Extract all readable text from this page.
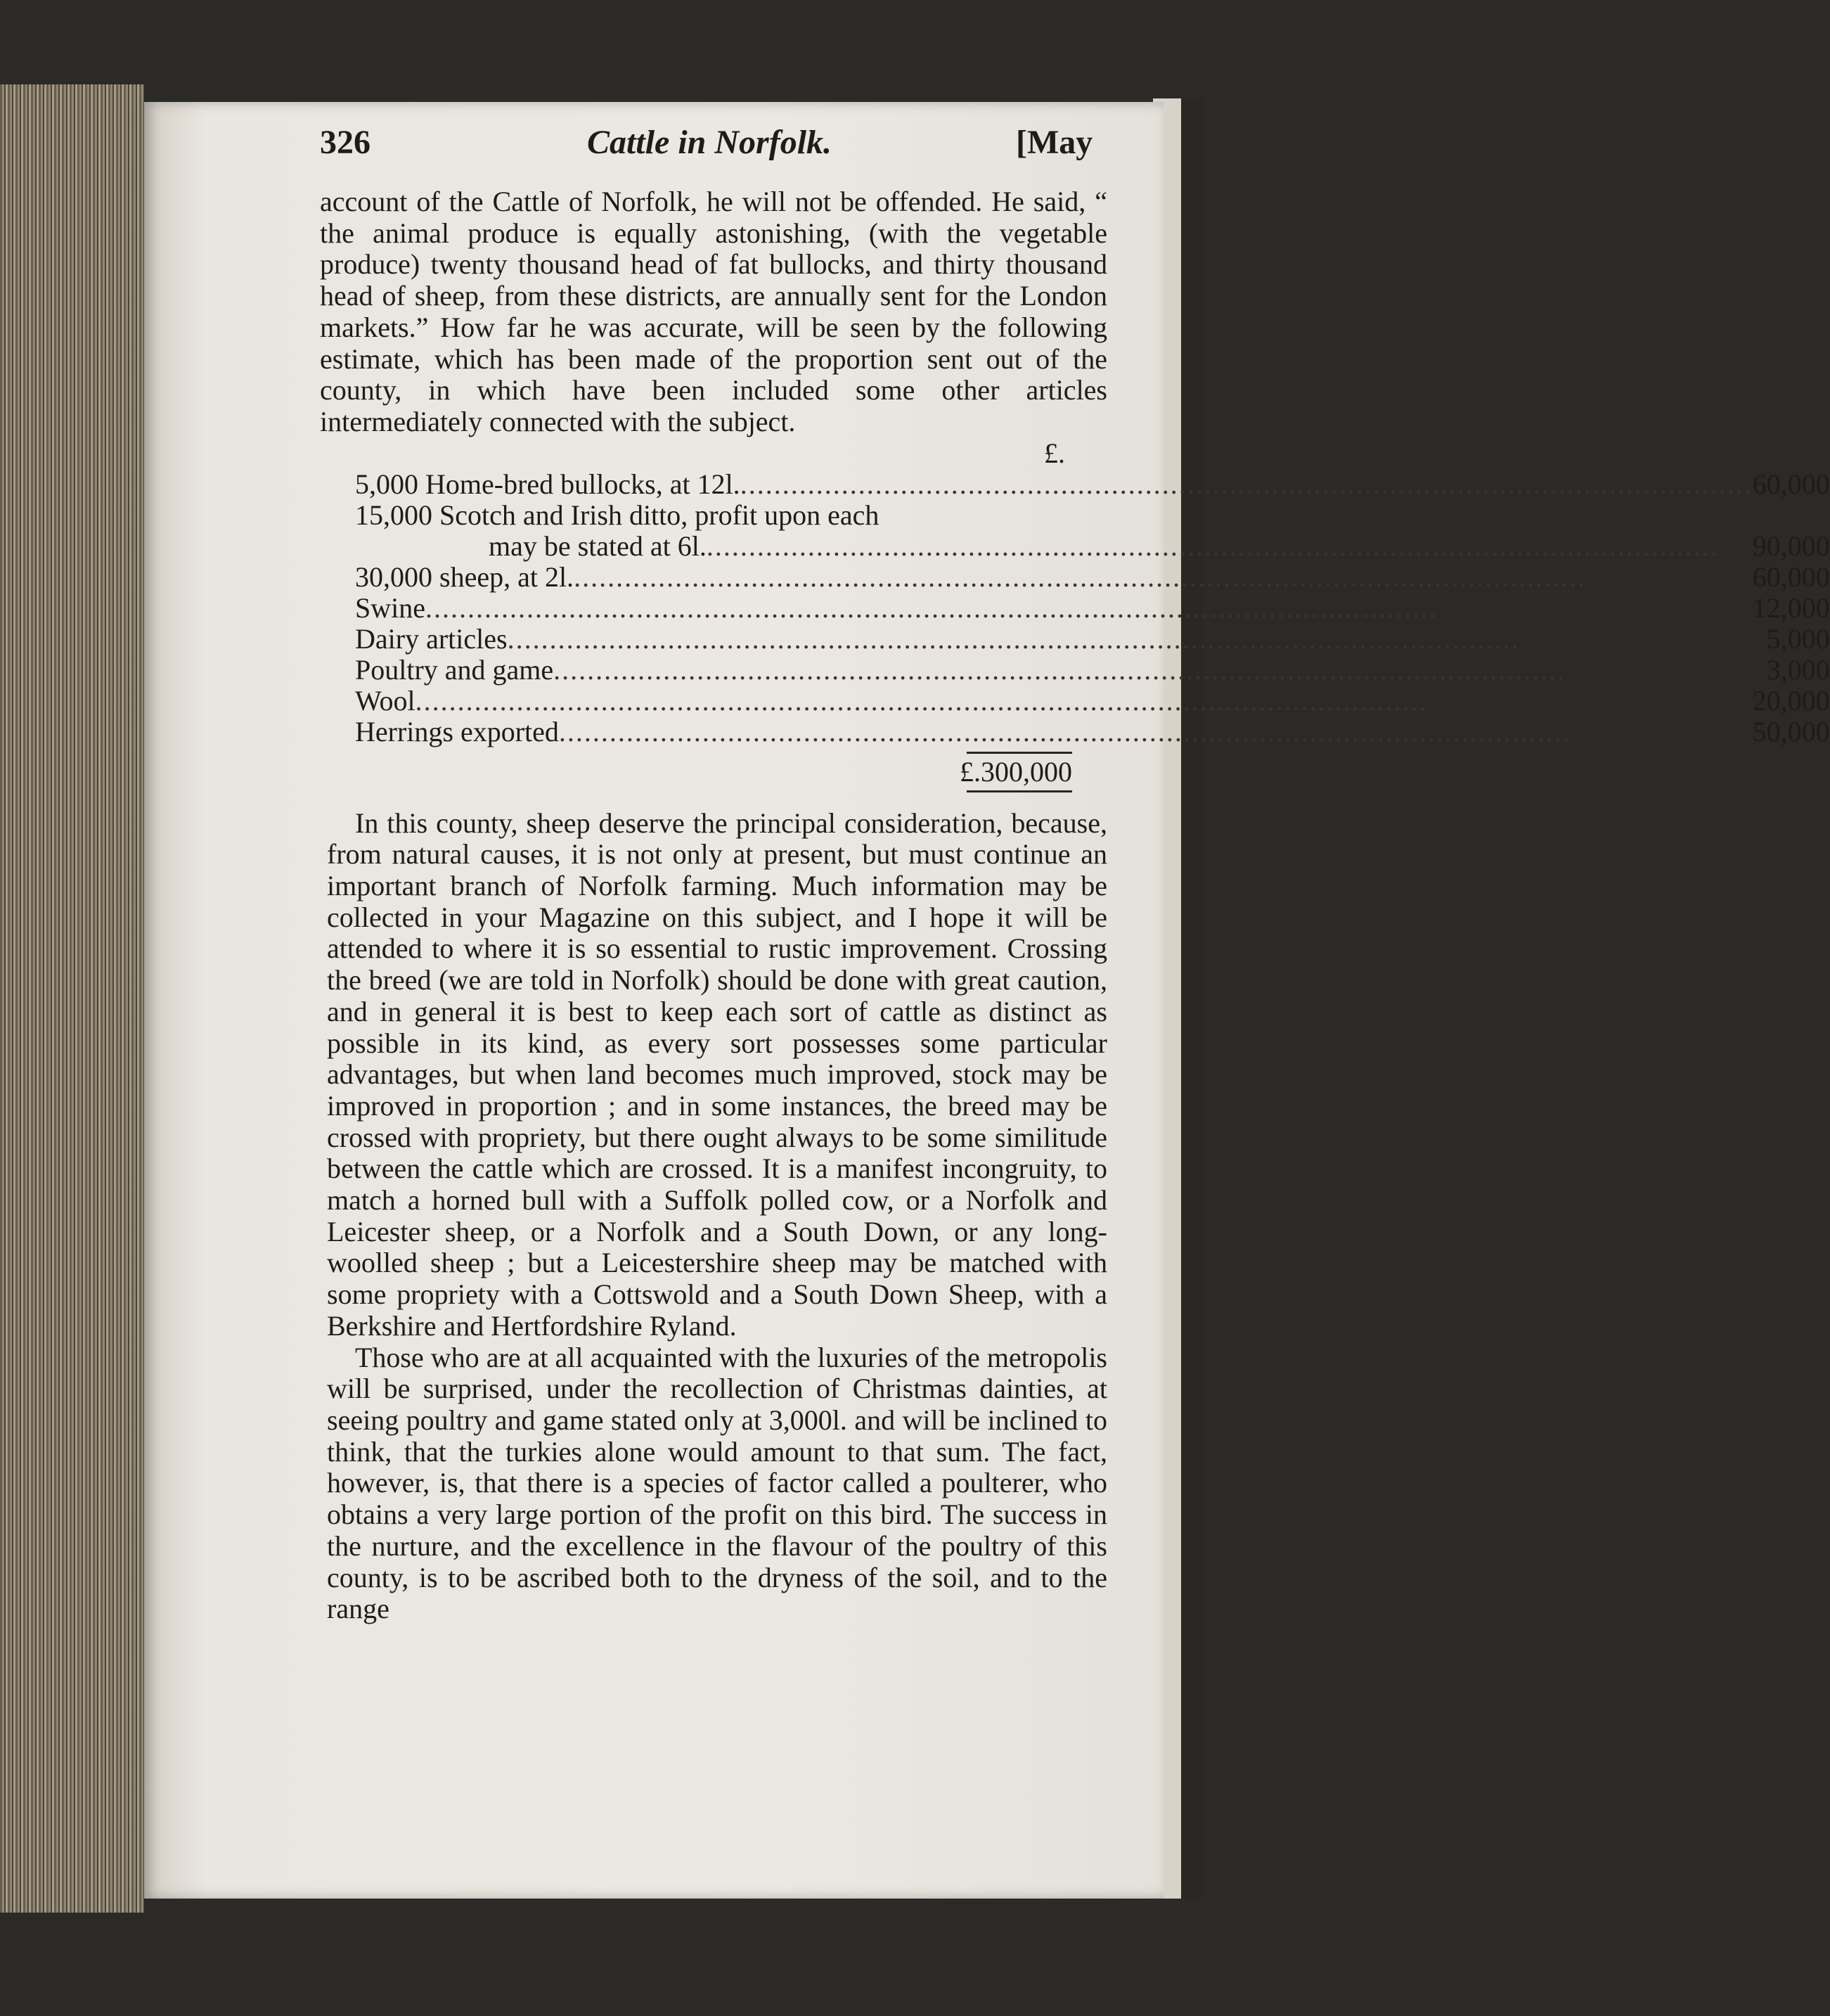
326	Cattle in Norfolk.	[May

account of the Cattle of Norfolk, he will not be offended. He said, “ the animal produce is equally astonishing, (with the vegetable produce) twenty thousand head of fat bullocks, and thirty thousand head of sheep, from these districts, are annually sent for the London markets.” How far he was accurate, will be seen by the following estimate, which has been made of the proportion sent out of the county, in which have been included some other articles intermediately connected with the subject.

£.
5,000 Home-bred bullocks, at 12l.........................................................................................................................	60,000
15,000 Scotch and Irish ditto, profit upon each	
may be stated at 6l.........................................................................................................................	90,000
30,000 sheep, at 2l.........................................................................................................................	60,000
Swine........................................................................................................................	12,000
Dairy articles........................................................................................................................	5,000
Poultry and game........................................................................................................................	3,000
Wool........................................................................................................................	20,000
Herrings exported........................................................................................................................	50,000
£.300,000

In this county, sheep deserve the principal consideration, because, from natural causes, it is not only at present, but must continue an important branch of Norfolk farming. Much information may be collected in your Magazine on this subject, and I hope it will be attended to where it is so essential to rustic improvement. Crossing the breed (we are told in Norfolk) should be done with great caution, and in general it is best to keep each sort of cattle as distinct as possible in its kind, as every sort possesses some particular advantages, but when land becomes much improved, stock may be improved in proportion ; and in some instances, the breed may be crossed with propriety, but there ought always to be some similitude between the cattle which are crossed. It is a manifest incongruity, to match a horned bull with a Suffolk polled cow, or a Norfolk and Leicester sheep, or a Norfolk and a South Down, or any long-woolled sheep ; but a Leicestershire sheep may be matched with some propriety with a Cottswold and a South Down Sheep, with a Berkshire and Hertfordshire Ryland.

Those who are at all acquainted with the luxuries of the metropolis will be surprised, under the recollection of Christmas dainties, at seeing poultry and game stated only at 3,000l. and will be inclined to think, that the turkies alone would amount to that sum. The fact, however, is, that there is a species of factor called a poulterer, who obtains a very large portion of the profit on this bird. The success in the nurture, and the excellence in the flavour of the poultry of this county, is to be ascribed both to the dryness of the soil, and to the range
